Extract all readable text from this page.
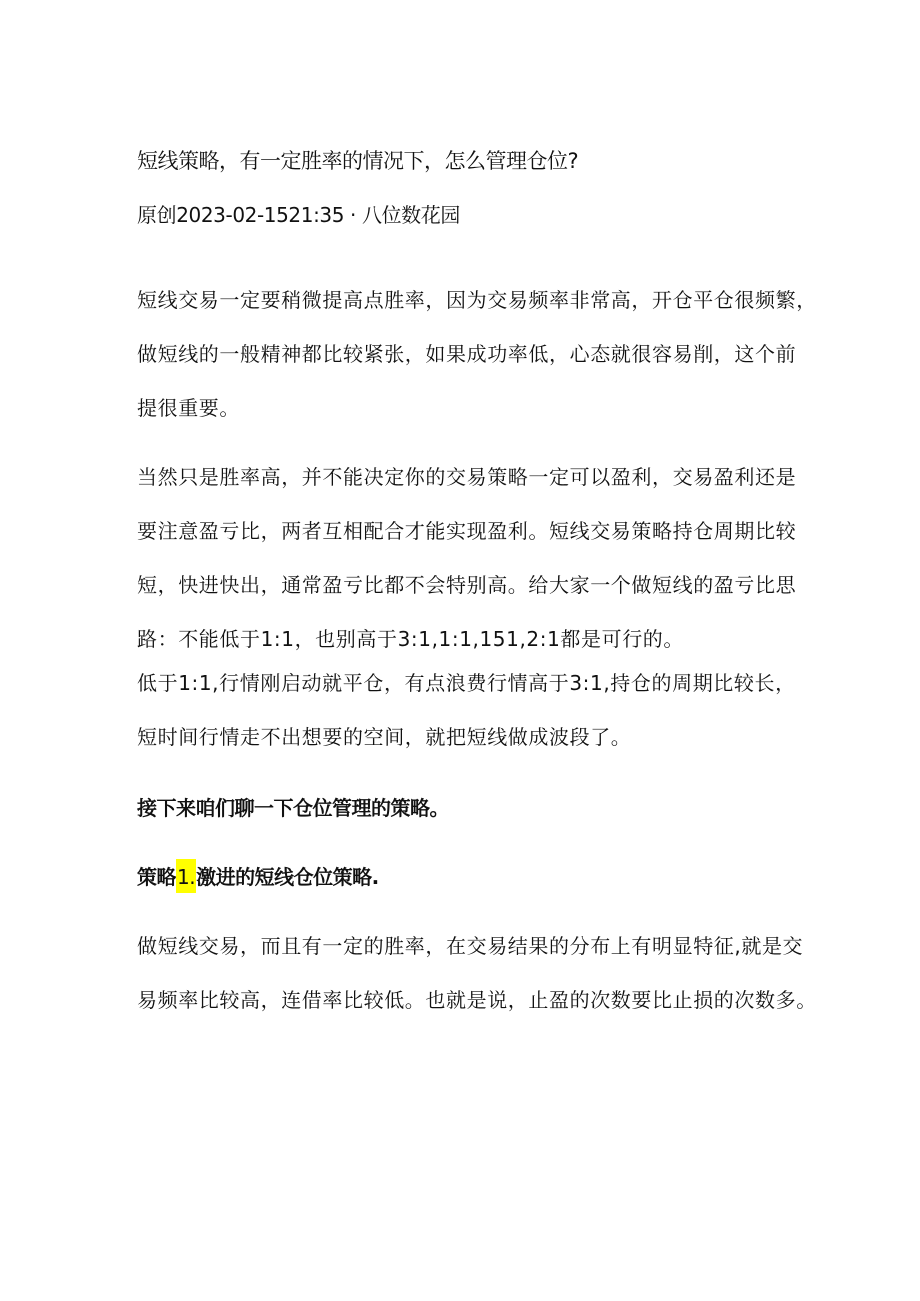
短线策略，有一定胜率的情况下，怎么管理仓位?

原创2023-02-1521:35 · 八位数花园

短线交易一定要稍微提高点胜率，因为交易频率非常高，开仓平仓很频繁，
做短线的一般精神都比较紧张，如果成功率低，心态就很容易削，这个前
提很重要。
当然只是胜率高，并不能决定你的交易策略一定可以盈利，交易盈利还是
要注意盈亏比，两者互相配合才能实现盈利。短线交易策略持仓周期比较
短，快进快出，通常盈亏比都不会特别高。给大家一个做短线的盈亏比思
路：不能低于1:1，也别高于3:1,1:1,151,2:1都是可行的。
低于1:1,行情刚启动就平仓，有点浪费行情高于3:1,持仓的周期比较长，
短时间行情走不出想要的空间，就把短线做成波段了。

接下来咱们聊一下仓位管理的策略。

策略1.激进的短线仓位策略.

做短线交易，而且有一定的胜率，在交易结果的分布上有明显特征,就是交
易频率比较高，连借率比较低。也就是说，止盈的次数要比止损的次数多。
